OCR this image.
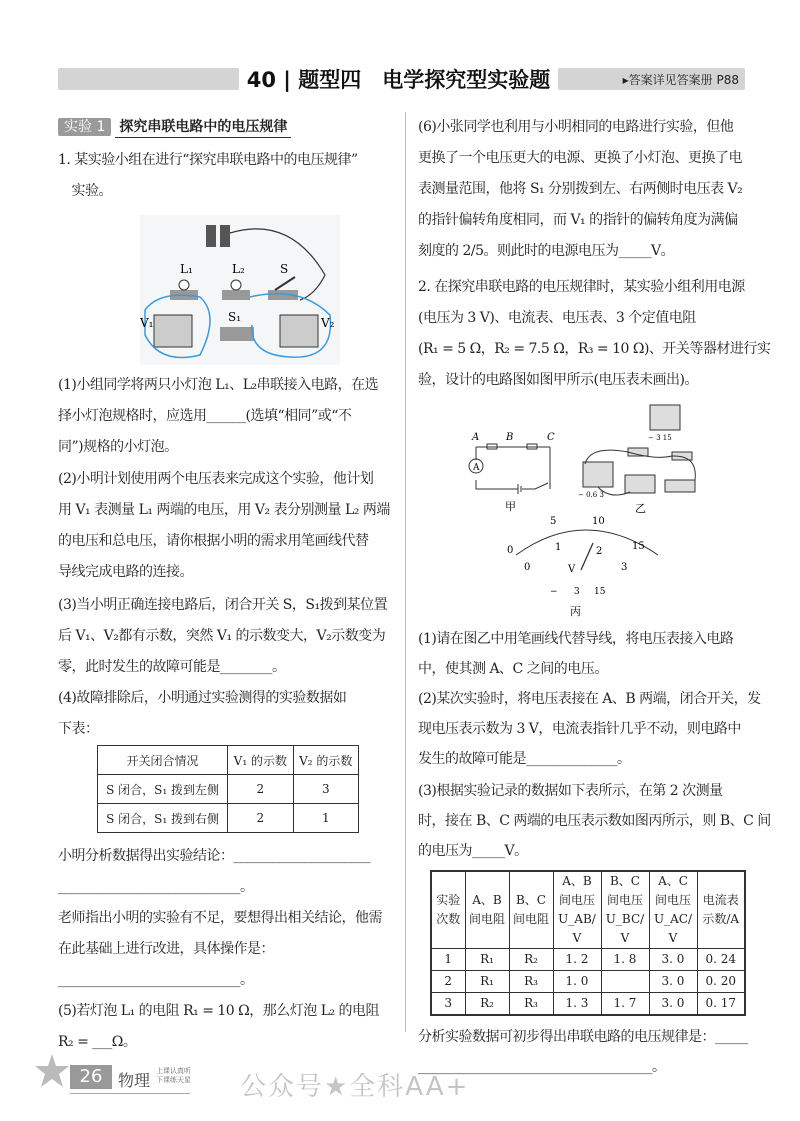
40 | 题型四　电学探究型实验题	▸答案详见答案册 P88
实验 1 探究串联电路中的电压规律
1. 某实验小组在进行“探究串联电路中的电压规律”
　实验。
L₁	L₂	S
V₁	S₁	V₂
(1)小组同学将两只小灯泡 L₁、L₂串联接入电路，在选
择小灯泡规格时，应选用______(选填“相同”或“不
同”)规格的小灯泡。
(2)小明计划使用两个电压表来完成这个实验，他计划
用 V₁ 表测量 L₁ 两端的电压，用 V₂ 表分别测量 L₂ 两端
的电压和总电压，请你根据小明的需求用笔画线代替
导线完成电路的连接。
(3)当小明正确连接电路后，闭合开关 S，S₁拨到某位置
后 V₁、V₂都有示数，突然 V₁ 的示数变大，V₂示数变为
零，此时发生的故障可能是________。
(4)故障排除后，小明通过实验测得的实验数据如
下表：
开关闭合情况	V₁ 的示数	V₂ 的示数
S 闭合，S₁ 拨到左侧	2	3
S 闭合，S₁ 拨到右侧	2	1
小明分析数据得出实验结论：_____________________
____________________________。
老师指出小明的实验有不足，要想得出相关结论，他需
在此基础上进行改进，具体操作是：
____________________________。
(5)若灯泡 L₁ 的电阻 R₁ = 10 Ω，那么灯泡 L₂ 的电阻
R₂ = ___Ω。
(6)小张同学也利用与小明相同的电路进行实验，但他
更换了一个电压更大的电源、更换了小灯泡、更换了电
表测量范围，他将 S₁ 分别拨到左、右两侧时电压表 V₂
的指针偏转角度相同，而 V₁ 的指针的偏转角度为满偏
刻度的 2/5。则此时的电源电压为_____V。
2. 在探究串联电路的电压规律时，某实验小组利用电源
(电压为 3 V)、电流表、电压表、3 个定值电阻
(R₁ = 5 Ω，R₂ = 7.5 Ω，R₃ = 10 Ω)、开关等器材进行实
验，设计的电路图如图甲所示(电压表未画出)。
A	B	C
A
甲
− 3 15
− 0.6 3
乙
0
5	10
15
0
1	2
3
V
− 3 15
丙
(1)请在图乙中用笔画线代替导线，将电压表接入电路
中，使其测 A、C 之间的电压。
(2)某次实验时，将电压表接在 A、B 两端，闭合开关，发
现电压表示数为 3 V，电流表指针几乎不动，则电路中
发生的故障可能是______________。
(3)根据实验记录的数据如下表所示，在第 2 次测量
时，接在 B、C 两端的电压表示数如图丙所示，则 B、C 间
的电压为_____V。
实验次数	A、B 间电阻	B、C 间电阻	A、B 间电压 U_AB/V	B、C 间电压 U_BC/V	A、C 间电压 U_AC/V	电流表示数/A
1	R₁	R₂	1. 2	1. 8	3. 0	0. 24
2	R₁	R₃	1. 0		3. 0	0. 20
3	R₂	R₃	1. 3	1. 7	3. 0	0. 17
分析实验数据可初步得出串联电路的电压规律是：_____
____________________________________。
公众号★全科AA+
26 物理 上课认真听
下课练天星
